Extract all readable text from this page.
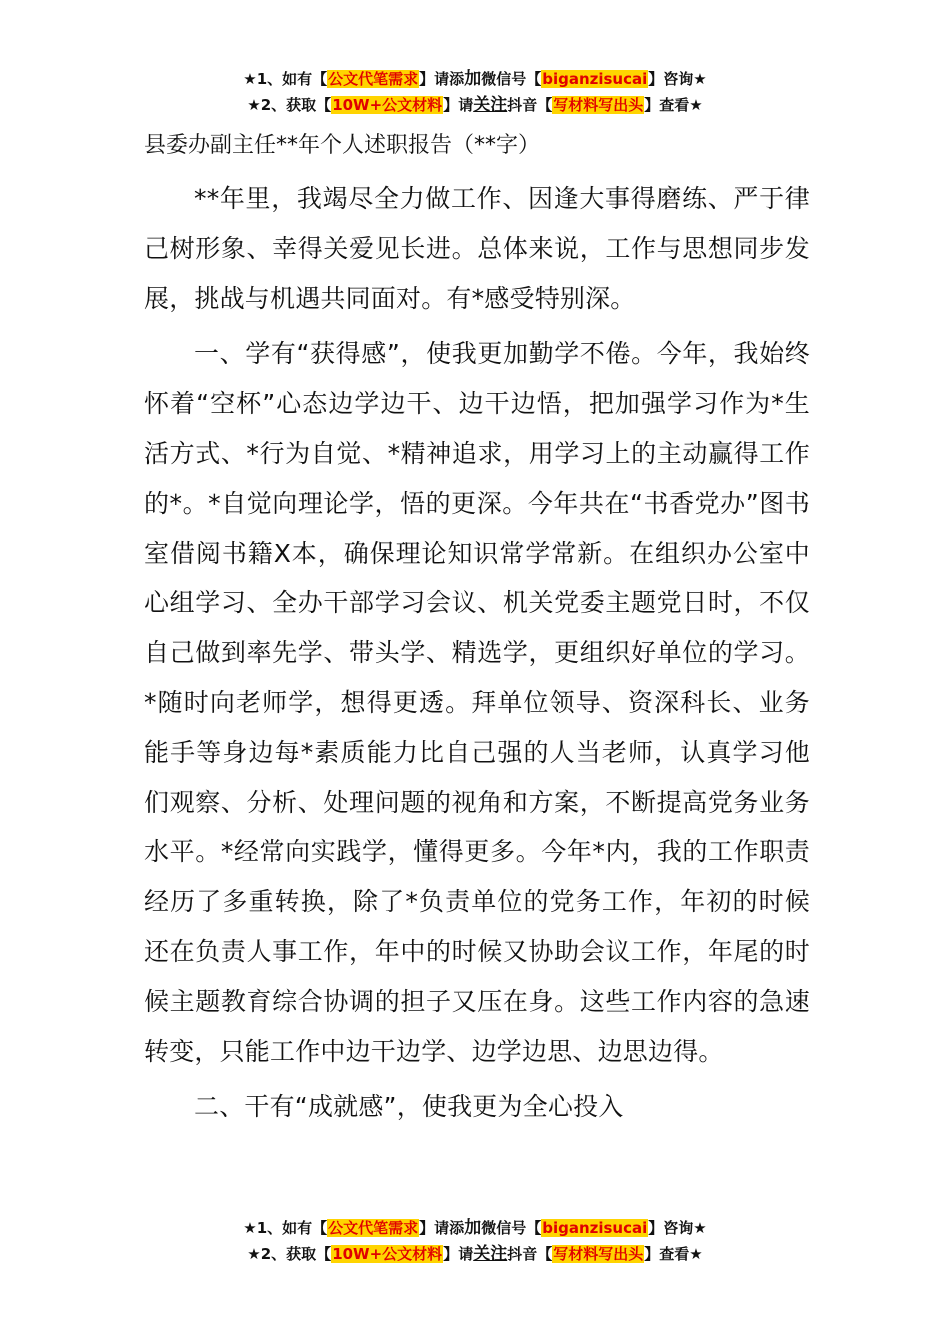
★1、如有【公文代笔需求】请添加微信号【biganzisucai】咨询★
★2、获取【10W+公文材料】请关注抖音【写材料写出头】查看★
县委办副主任**年个人述职报告（**字）

**年里，我竭尽全力做工作、因逢大事得磨练、严于律己树形象、幸得关爱见长进。总体来说，工作与思想同步发展，挑战与机遇共同面对。有*感受特别深。

一、学有“获得感”，使我更加勤学不倦。今年，我始终怀着“空杯”心态边学边干、边干边悟，把加强学习作为*生活方式、*行为自觉、*精神追求，用学习上的主动赢得工作的*。*自觉向理论学，悟的更深。今年共在“书香党办”图书室借阅书籍X本，确保理论知识常学常新。在组织办公室中心组学习、全办干部学习会议、机关党委主题党日时，不仅自己做到率先学、带头学、精选学，更组织好单位的学习。*随时向老师学，想得更透。拜单位领导、资深科长、业务能手等身边每*素质能力比自己强的人当老师，认真学习他们观察、分析、处理问题的视角和方案，不断提高党务业务水平。*经常向实践学，懂得更多。今年*内，我的工作职责经历了多重转换，除了*负责单位的党务工作，年初的时候还在负责人事工作，年中的时候又协助会议工作，年尾的时候主题教育综合协调的担子又压在身。这些工作内容的急速转变，只能工作中边干边学、边学边思、边思边得。

二、干有“成就感”，使我更为全心投入

★1、如有【公文代笔需求】请添加微信号【biganzisucai】咨询★
★2、获取【10W+公文材料】请关注抖音【写材料写出头】查看★
